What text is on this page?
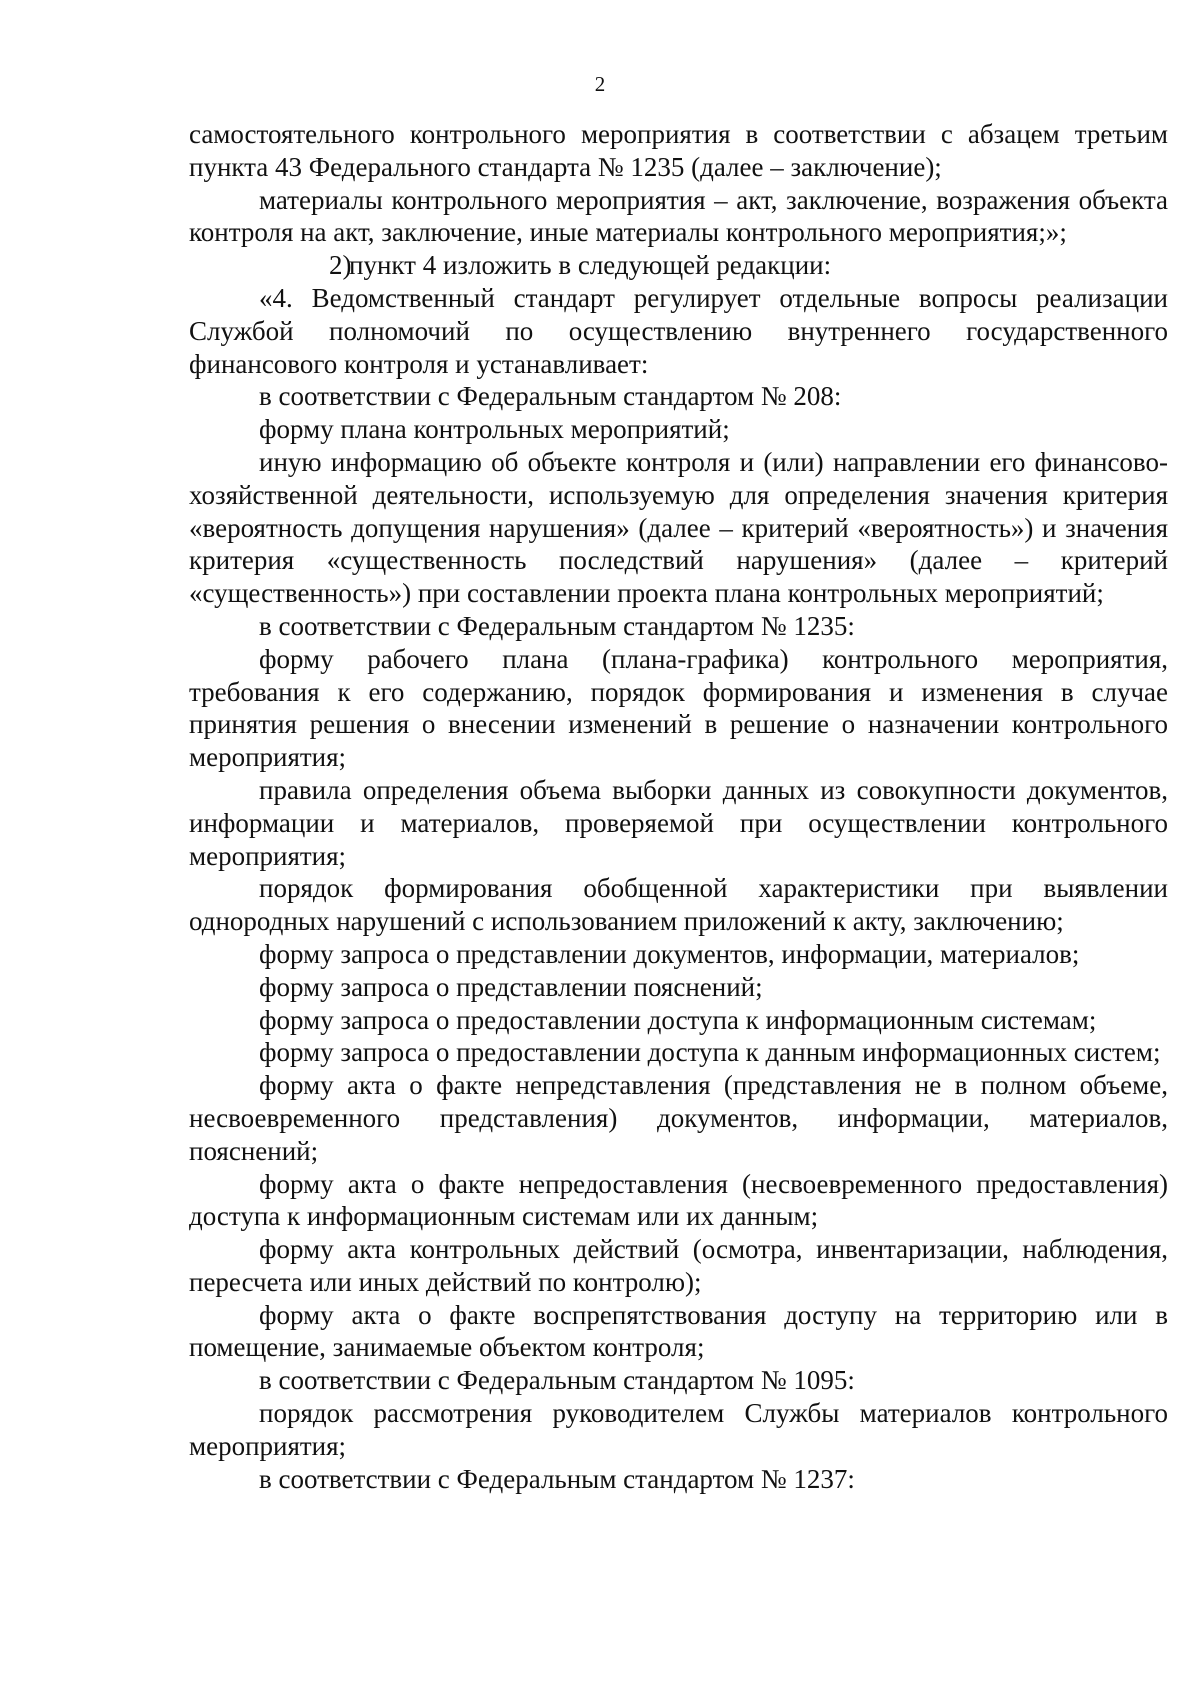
2

самостоятельного контрольного мероприятия в соответствии с абзацем третьим пункта 43 Федерального стандарта № 1235 (далее – заключение);

материалы контрольного мероприятия – акт, заключение, возражения объекта контроля на акт, заключение, иные материалы контрольного мероприятия;»;

2)пункт 4 изложить в следующей редакции:

«4. Ведомственный стандарт регулирует отдельные вопросы реализации Службой полномочий по осуществлению внутреннего государственного финансового контроля и устанавливает:

в соответствии с Федеральным стандартом № 208:

форму плана контрольных мероприятий;

иную информацию об объекте контроля и (или) направлении его финансово-хозяйственной деятельности, используемую для определения значения критерия «вероятность допущения нарушения» (далее – критерий «вероятность») и значения критерия «существенность последствий нарушения» (далее – критерий «существенность») при составлении проекта плана контрольных мероприятий;

в соответствии с Федеральным стандартом № 1235:

форму рабочего плана (плана-графика) контрольного мероприятия, требования к его содержанию, порядок формирования и изменения в случае принятия решения о внесении изменений в решение о назначении контрольного мероприятия;

правила определения объема выборки данных из совокупности документов, информации и материалов, проверяемой при осуществлении контрольного мероприятия;

порядок формирования обобщенной характеристики при выявлении однородных нарушений с использованием приложений к акту, заключению;

форму запроса о представлении документов, информации, материалов;

форму запроса о представлении пояснений;

форму запроса о предоставлении доступа к информационным системам;

форму запроса о предоставлении доступа к данным информационных систем;

форму акта о факте непредставления (представления не в полном объеме, несвоевременного представления) документов, информации, материалов, пояснений;

форму акта о факте непредоставления (несвоевременного предоставления) доступа к информационным системам или их данным;

форму акта контрольных действий (осмотра, инвентаризации, наблюдения, пересчета или иных действий по контролю);

форму акта о факте воспрепятствования доступу на территорию или в помещение, занимаемые объектом контроля;

в соответствии с Федеральным стандартом № 1095:

порядок рассмотрения руководителем Службы материалов контрольного мероприятия;

в соответствии с Федеральным стандартом № 1237:
